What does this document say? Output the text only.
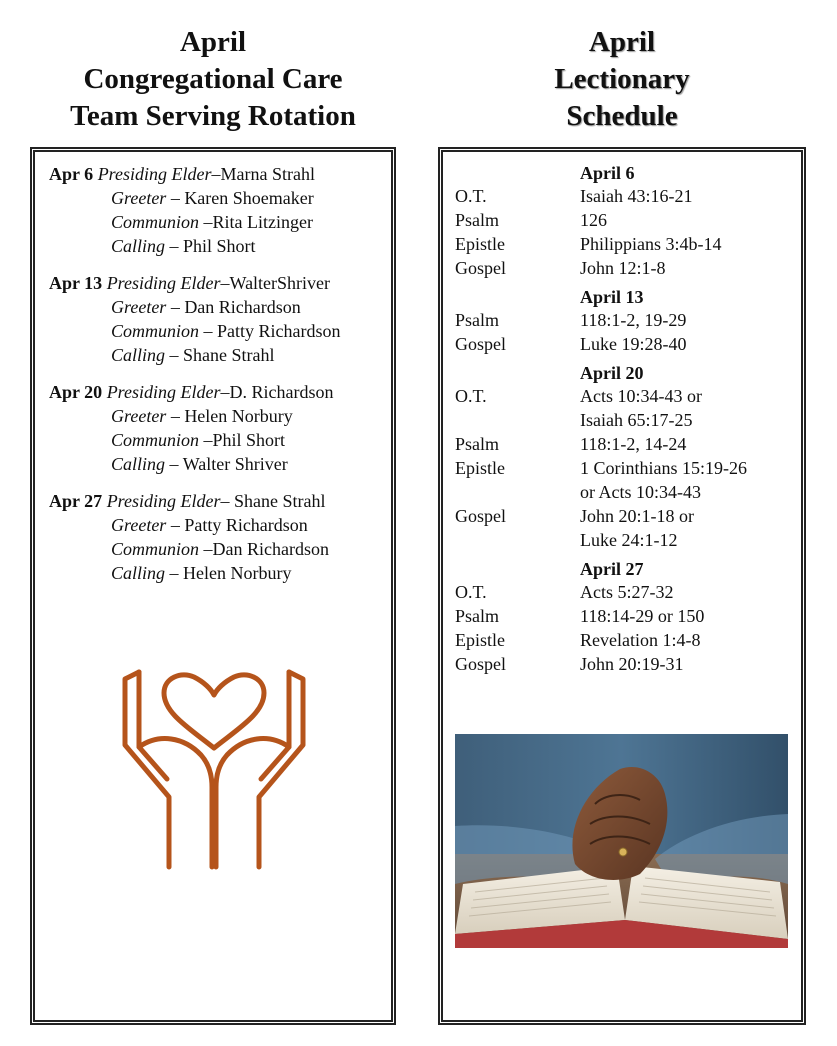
April
Congregational Care
Team Serving Rotation
April
Lectionary
Schedule
Apr 6 Presiding Elder–Marna Strahl
Greeter – Karen Shoemaker
Communion –Rita Litzinger
Calling – Phil Short
Apr 13 Presiding Elder–WalterShriver
Greeter – Dan Richardson
Communion – Patty Richardson
Calling – Shane Strahl
Apr 20 Presiding Elder–D. Richardson
Greeter – Helen Norbury
Communion –Phil Short
Calling – Walter Shriver
Apr 27 Presiding Elder– Shane Strahl
Greeter – Patty Richardson
Communion –Dan Richardson
Calling – Helen Norbury
April 6
O.T.	Isaiah 43:16-21
Psalm	126
Epistle	Philippians 3:4b-14
Gospel	John 12:1-8
April 13
Psalm	118:1-2, 19-29
Gospel	Luke 19:28-40
April 20
O.T.	Acts 10:34-43 or
Isaiah 65:17-25
Psalm	118:1-2, 14-24
Epistle	1 Corinthians 15:19-26
or Acts 10:34-43
Gospel	John 20:1-18 or
Luke 24:1-12
April 27
O.T.	Acts 5:27-32
Psalm	118:14-29 or 150
Epistle	Revelation 1:4-8
Gospel	John 20:19-31
